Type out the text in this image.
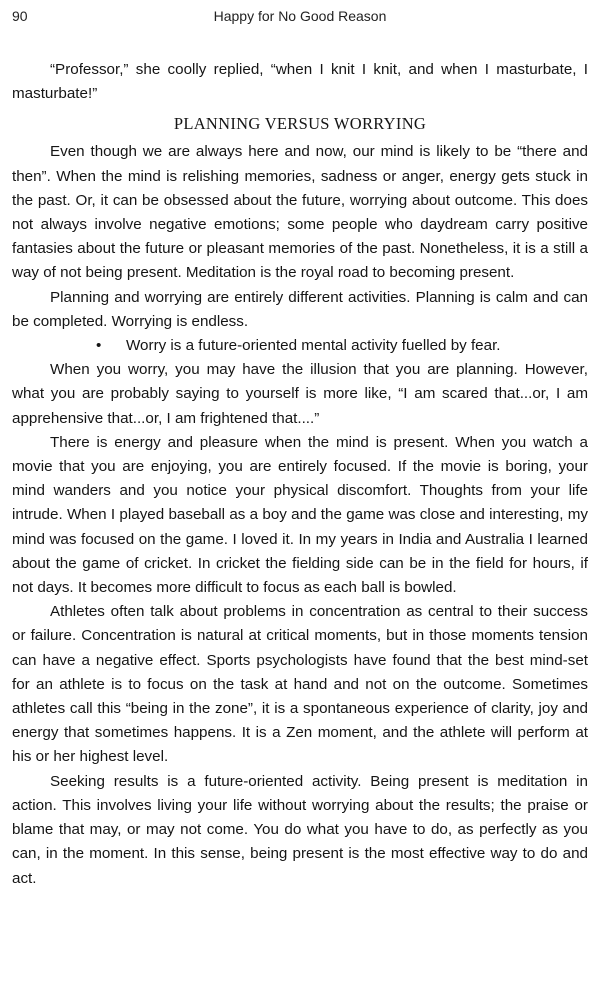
90	Happy for No Good Reason

“Professor,” she coolly replied, “when I knit I knit, and when I masturbate, I masturbate!”

PLANNING VERSUS WORRYING

Even though we are always here and now, our mind is likely to be “there and then”. When the mind is relishing memories, sadness or anger, energy gets stuck in the past. Or, it can be obsessed about the future, worrying about outcome. This does not always involve negative emotions; some people who daydream carry positive fantasies about the future or pleasant memories of the past. Nonetheless, it is a still a way of not being present. Meditation is the royal road to becoming present.

Planning and worrying are entirely different activities. Planning is calm and can be completed. Worrying is endless.

• Worry is a future-oriented mental activity fuelled by fear.

When you worry, you may have the illusion that you are planning. However, what you are probably saying to yourself is more like, “I am scared that...or, I am apprehensive that...or, I am frightened that....”

There is energy and pleasure when the mind is present. When you watch a movie that you are enjoying, you are entirely focused. If the movie is boring, your mind wanders and you notice your physical discomfort. Thoughts from your life intrude. When I played baseball as a boy and the game was close and interesting, my mind was focused on the game. I loved it. In my years in India and Australia I learned about the game of cricket. In cricket the fielding side can be in the field for hours, if not days. It becomes more difficult to focus as each ball is bowled.

Athletes often talk about problems in concentration as central to their success or failure. Concentration is natural at critical moments, but in those moments tension can have a negative effect. Sports psychologists have found that the best mind-set for an athlete is to focus on the task at hand and not on the outcome. Sometimes athletes call this “being in the zone”, it is a spontaneous experience of clarity, joy and energy that sometimes happens. It is a Zen moment, and the athlete will perform at his or her highest level.

Seeking results is a future-oriented activity. Being present is meditation in action. This involves living your life without worrying about the results; the praise or blame that may, or may not come. You do what you have to do, as perfectly as you can, in the moment. In this sense, being present is the most effective way to do and act.
